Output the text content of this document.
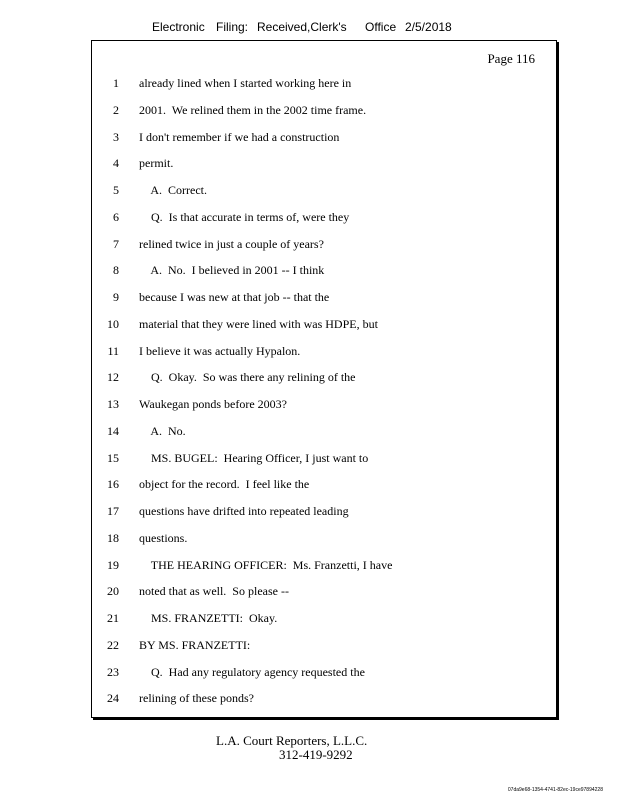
Electronic Filing: Received,Clerk's Office 2/5/2018
Page 116
1 already lined when I started working here in
2 2001.  We relined them in the 2002 time frame.
3 I don't remember if we had a construction
4 permit.
5 A.  Correct.
6 Q.  Is that accurate in terms of, were they
7 relined twice in just a couple of years?
8 A.  No.  I believed in 2001 -- I think
9 because I was new at that job -- that the
10 material that they were lined with was HDPE, but
11 I believe it was actually Hypalon.
12 Q.  Okay.  So was there any relining of the
13 Waukegan ponds before 2003?
14 A.  No.
15 MS. BUGEL:  Hearing Officer, I just want to
16 object for the record.  I feel like the
17 questions have drifted into repeated leading
18 questions.
19 THE HEARING OFFICER:  Ms. Franzetti, I have
20 noted that as well.  So please --
21 MS. FRANZETTI:  Okay.
22 BY MS. FRANZETTI:
23 Q.  Had any regulatory agency requested the
24 relining of these ponds?
L.A. Court Reporters, L.L.C.
312-419-9292
07da9e68-1354-4741-82ec-19ce97894228
